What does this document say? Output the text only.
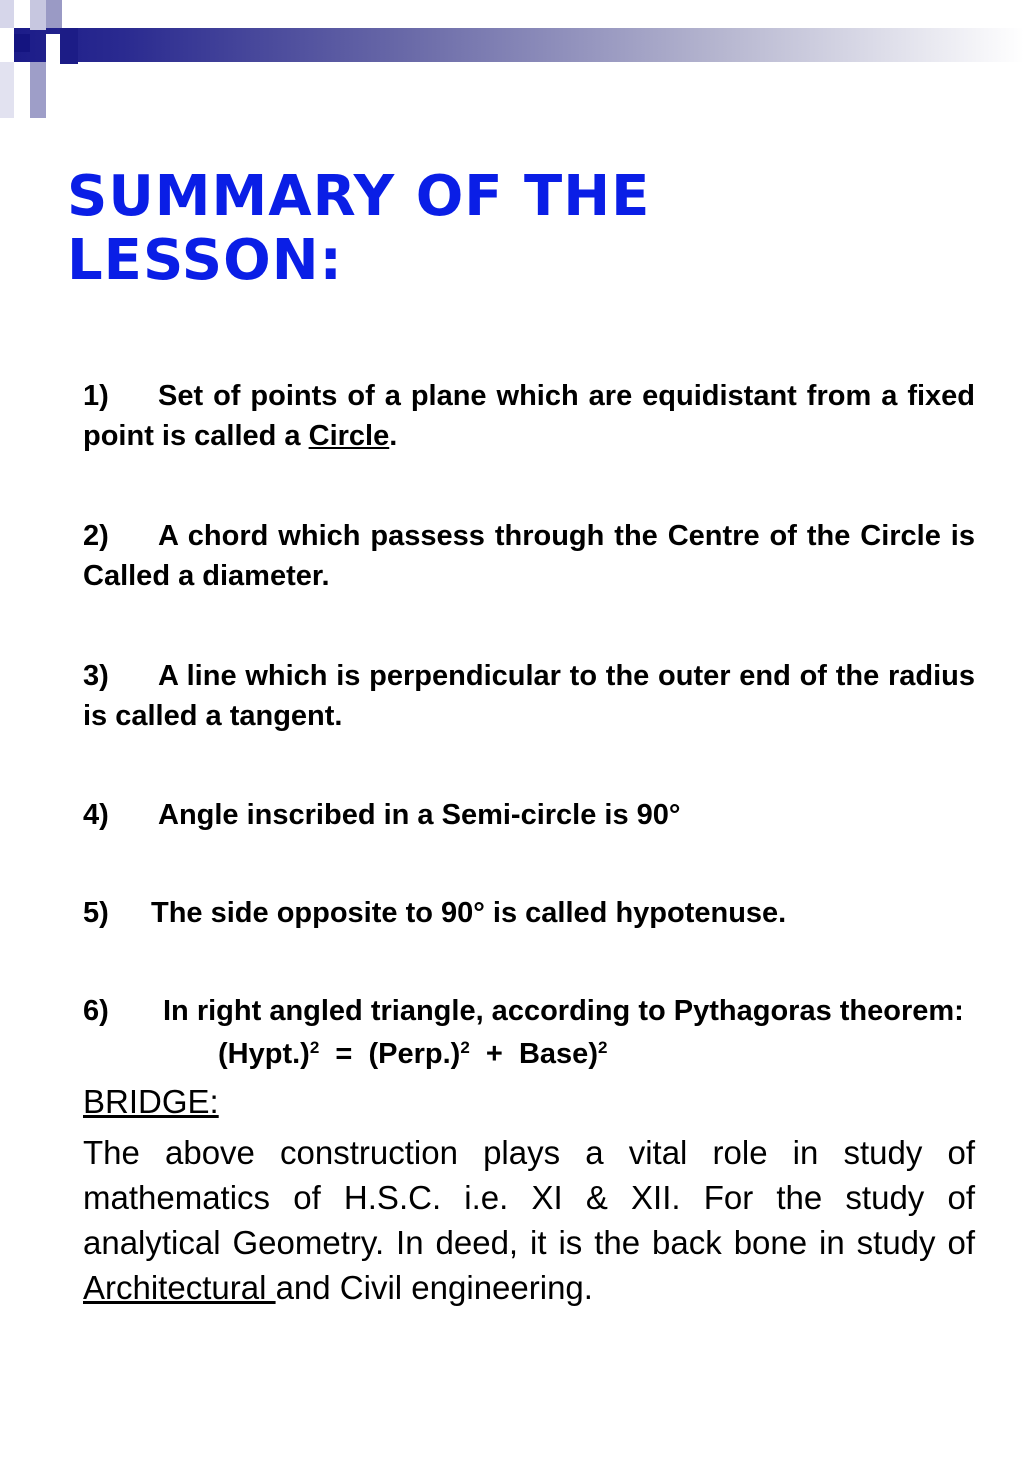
SUMMARY OF THE
LESSON:

1) Set of points of a plane which are equidistant from a fixed point is called a Circle.

2) A chord which passess through the Centre of the Circle is Called a diameter.

3) A line which is perpendicular to the outer end of the radius is called a tangent.

4) Angle inscribed in a Semi-circle is 90°

5) The side opposite to 90° is called hypotenuse.

6) In right angled triangle, according to Pythagoras theorem:

(Hypt.)$^2$ = (Perp.)$^2$ + Base)$^2$

BRIDGE:

The above construction plays a vital role in study of mathematics of H.S.C. i.e. XI & XII. For the study of analytical Geometry. In deed, it is the back bone in study of Architectural and Civil engineering.
